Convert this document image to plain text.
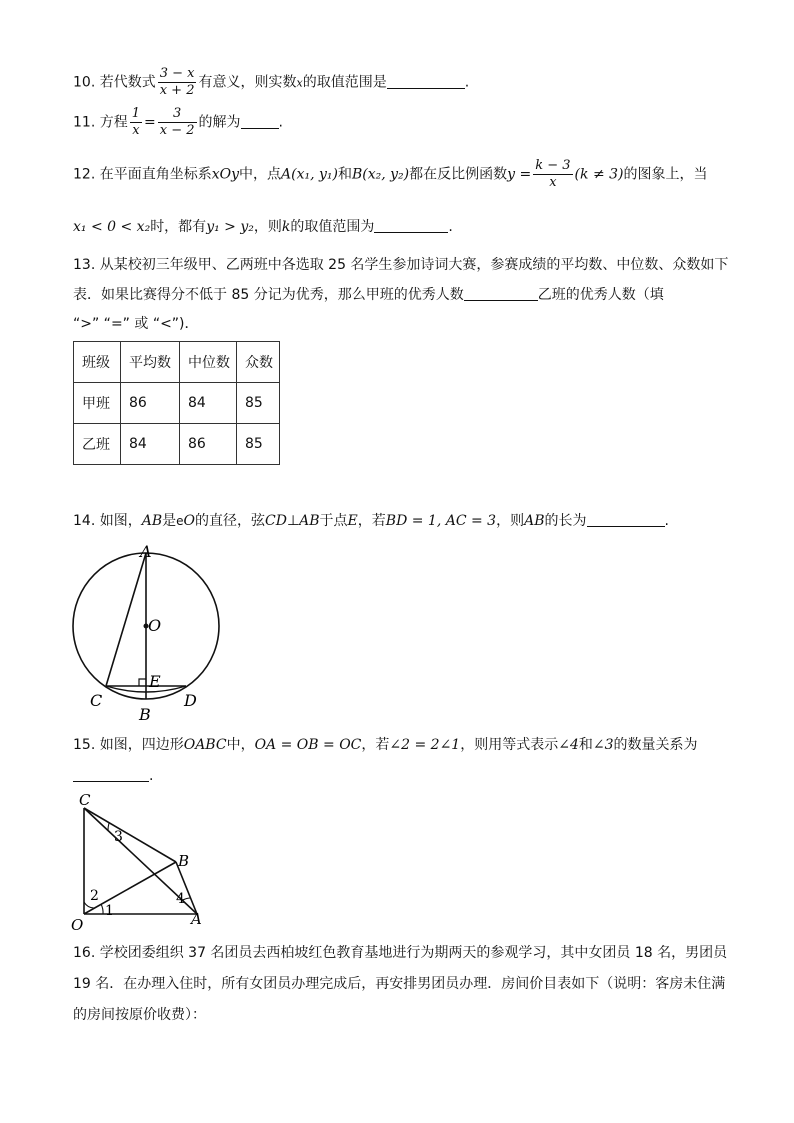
10. 若代数式 $\frac{3 - x}{x + 2}$ 有意义，则实数x的取值范围是	.
11. 方程 $\frac{1}{x} = \frac{3}{x - 2}$ 的解为	.
12. 在平面直角坐标系xOy中，点A(x₁, y₁)和B(x₂, y₂)都在反比例函数$y = \frac{k - 3}{x} (k \ne 3)$的图象上，当
x₁ < 0 < x₂时，都有y₁ > y₂，则k的取值范围为	.
13. 从某校初三年级甲、乙两班中各选取 25 名学生参加诗词大赛，参赛成绩的平均数、中位数、众数如下
表．如果比赛得分不低于 85 分记为优秀，那么甲班的优秀人数	乙班的优秀人数（填
“>” “=” 或 “<”)．
班级	平均数	中位数	众数
甲班	86	84	85
乙班	84	86	85
14. 如图，AB是eO的直径，弦CD⊥AB于点E，若BD = 1, AC = 3，则AB的长为	.
A
O
E
C
B
D
15. 如图，四边形OABC中，OA = OB = OC，若∠2 = 2∠1，则用等式表示∠4和∠3的数量关系为
.
C
B
O	A
1
2
3
4
16. 学校团委组织 37 名团员去西柏坡红色教育基地进行为期两天的参观学习，其中女团员 18 名，男团员
19 名．在办理入住时，所有女团员办理完成后，再安排男团员办理．房间价目表如下（说明：客房未住满
的房间按原价收费）：
